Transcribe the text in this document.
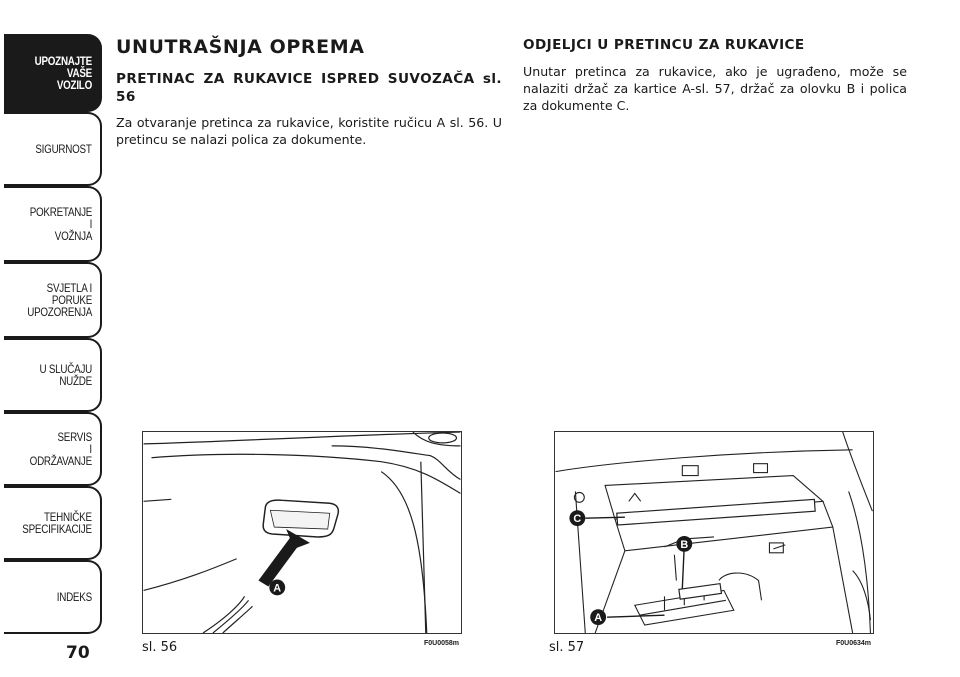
UPOZNAJTE
VAŠE
VOZILO
SIGURNOST
POKRETANJE
I
VOŽNJA
SVJETLA I
PORUKE
UPOZORENJA
U SLUČAJU
NUŽDE
SERVIS
I
ODRŽAVANJE
TEHNIČKE
SPECIFIKACIJE
INDEKS
70
UNUTRAŠNJA OPREMA
PRETINAC ZA RUKAVICE ISPRED SUVOZAČA sl. 56

Za otvaranje pretinca za rukavice, koristite ručicu A sl. 56. U pretincu se nalazi polica za dokumente.

ODJELJCI U PRETINCU ZA RUKAVICE

Unutar pretinca za rukavice, ako je ugrađeno, može se nalaziti držač za kartice A-sl. 57, držač za olovku B i polica za dokumente C.

A
sl. 56	F0U0058m
C
B
A
sl. 57	F0U0634m
